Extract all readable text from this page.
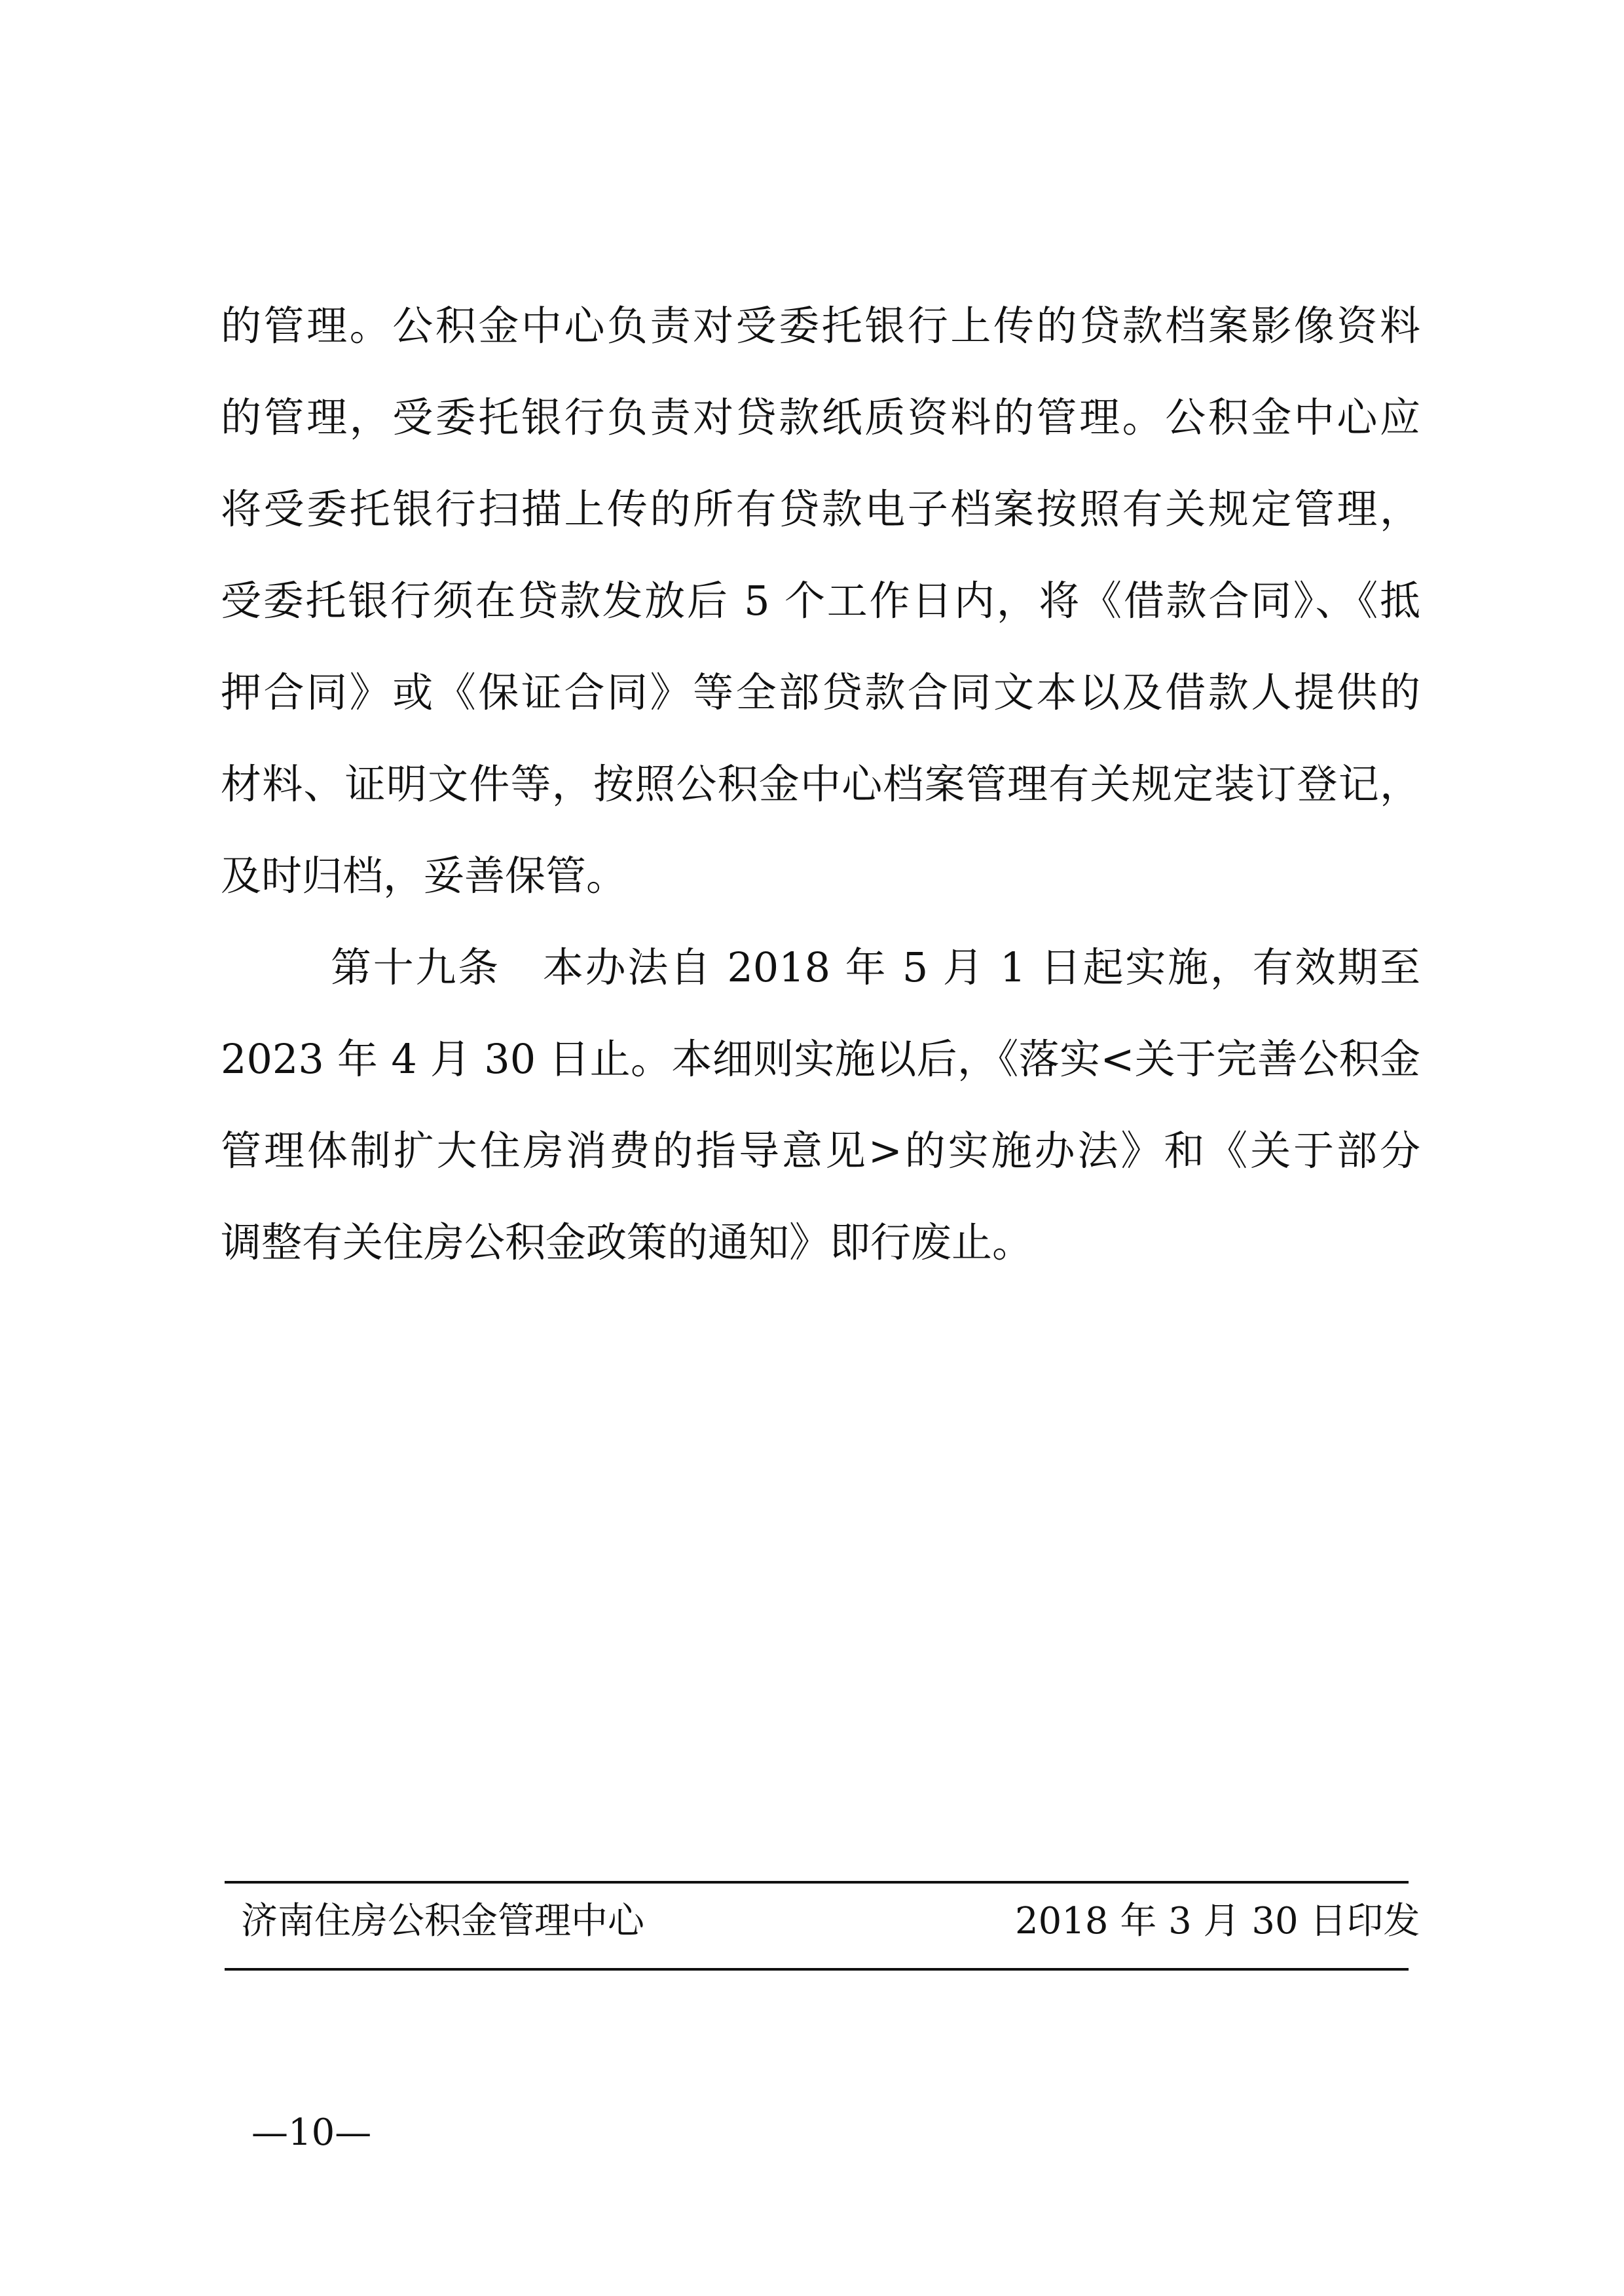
的管理。公积金中心负责对受委托银行上传的贷款档案影像资料
的管理，受委托银行负责对贷款纸质资料的管理。公积金中心应
将受委托银行扫描上传的所有贷款电子档案按照有关规定管理，
受委托银行须在贷款发放后 5 个工作日内，将《借款合同》、《抵
押合同》或《保证合同》等全部贷款合同文本以及借款人提供的
材料、证明文件等，按照公积金中心档案管理有关规定装订登记，
及时归档，妥善保管。
第十九条　本办法自 2018 年 5 月 1 日起实施，有效期至
2023 年 4 月 30 日止。本细则实施以后，《落实<关于完善公积金
管理体制扩大住房消费的指导意见>的实施办法》和《关于部分
调整有关住房公积金政策的通知》即行废止。
济南住房公积金管理中心	2018 年 3 月 30 日印发
—10—
